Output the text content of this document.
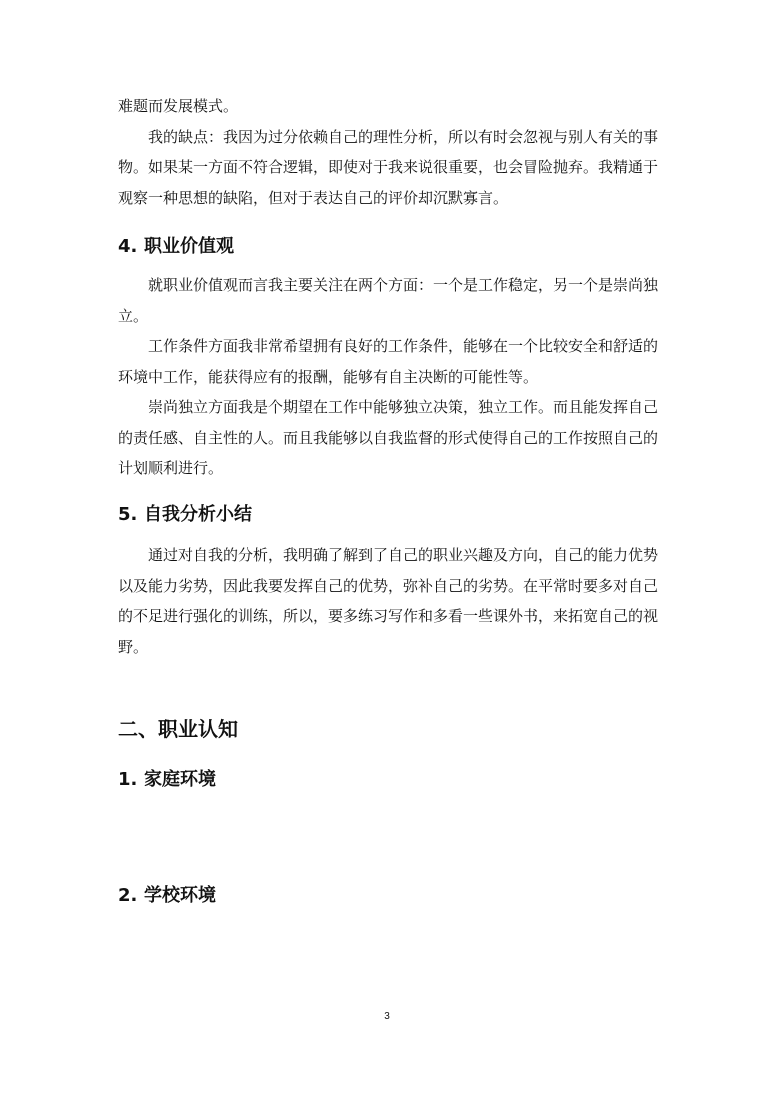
难题而发展模式。

我的缺点：我因为过分依赖自己的理性分析，所以有时会忽视与别人有关的事物。如果某一方面不符合逻辑，即使对于我来说很重要，也会冒险抛弃。我精通于观察一种思想的缺陷，但对于表达自己的评价却沉默寡言。

4. 职业价值观

就职业价值观而言我主要关注在两个方面：一个是工作稳定，另一个是崇尚独立。

工作条件方面我非常希望拥有良好的工作条件，能够在一个比较安全和舒适的环境中工作，能获得应有的报酬，能够有自主决断的可能性等。

崇尚独立方面我是个期望在工作中能够独立决策，独立工作。而且能发挥自己的责任感、自主性的人。而且我能够以自我监督的形式使得自己的工作按照自己的计划顺利进行。

5. 自我分析小结

通过对自我的分析，我明确了解到了自己的职业兴趣及方向，自己的能力优势以及能力劣势，因此我要发挥自己的优势，弥补自己的劣势。在平常时要多对自己的不足进行强化的训练，所以，要多练习写作和多看一些课外书，来拓宽自己的视野。

二、职业认知

1. 家庭环境

2. 学校环境

3
